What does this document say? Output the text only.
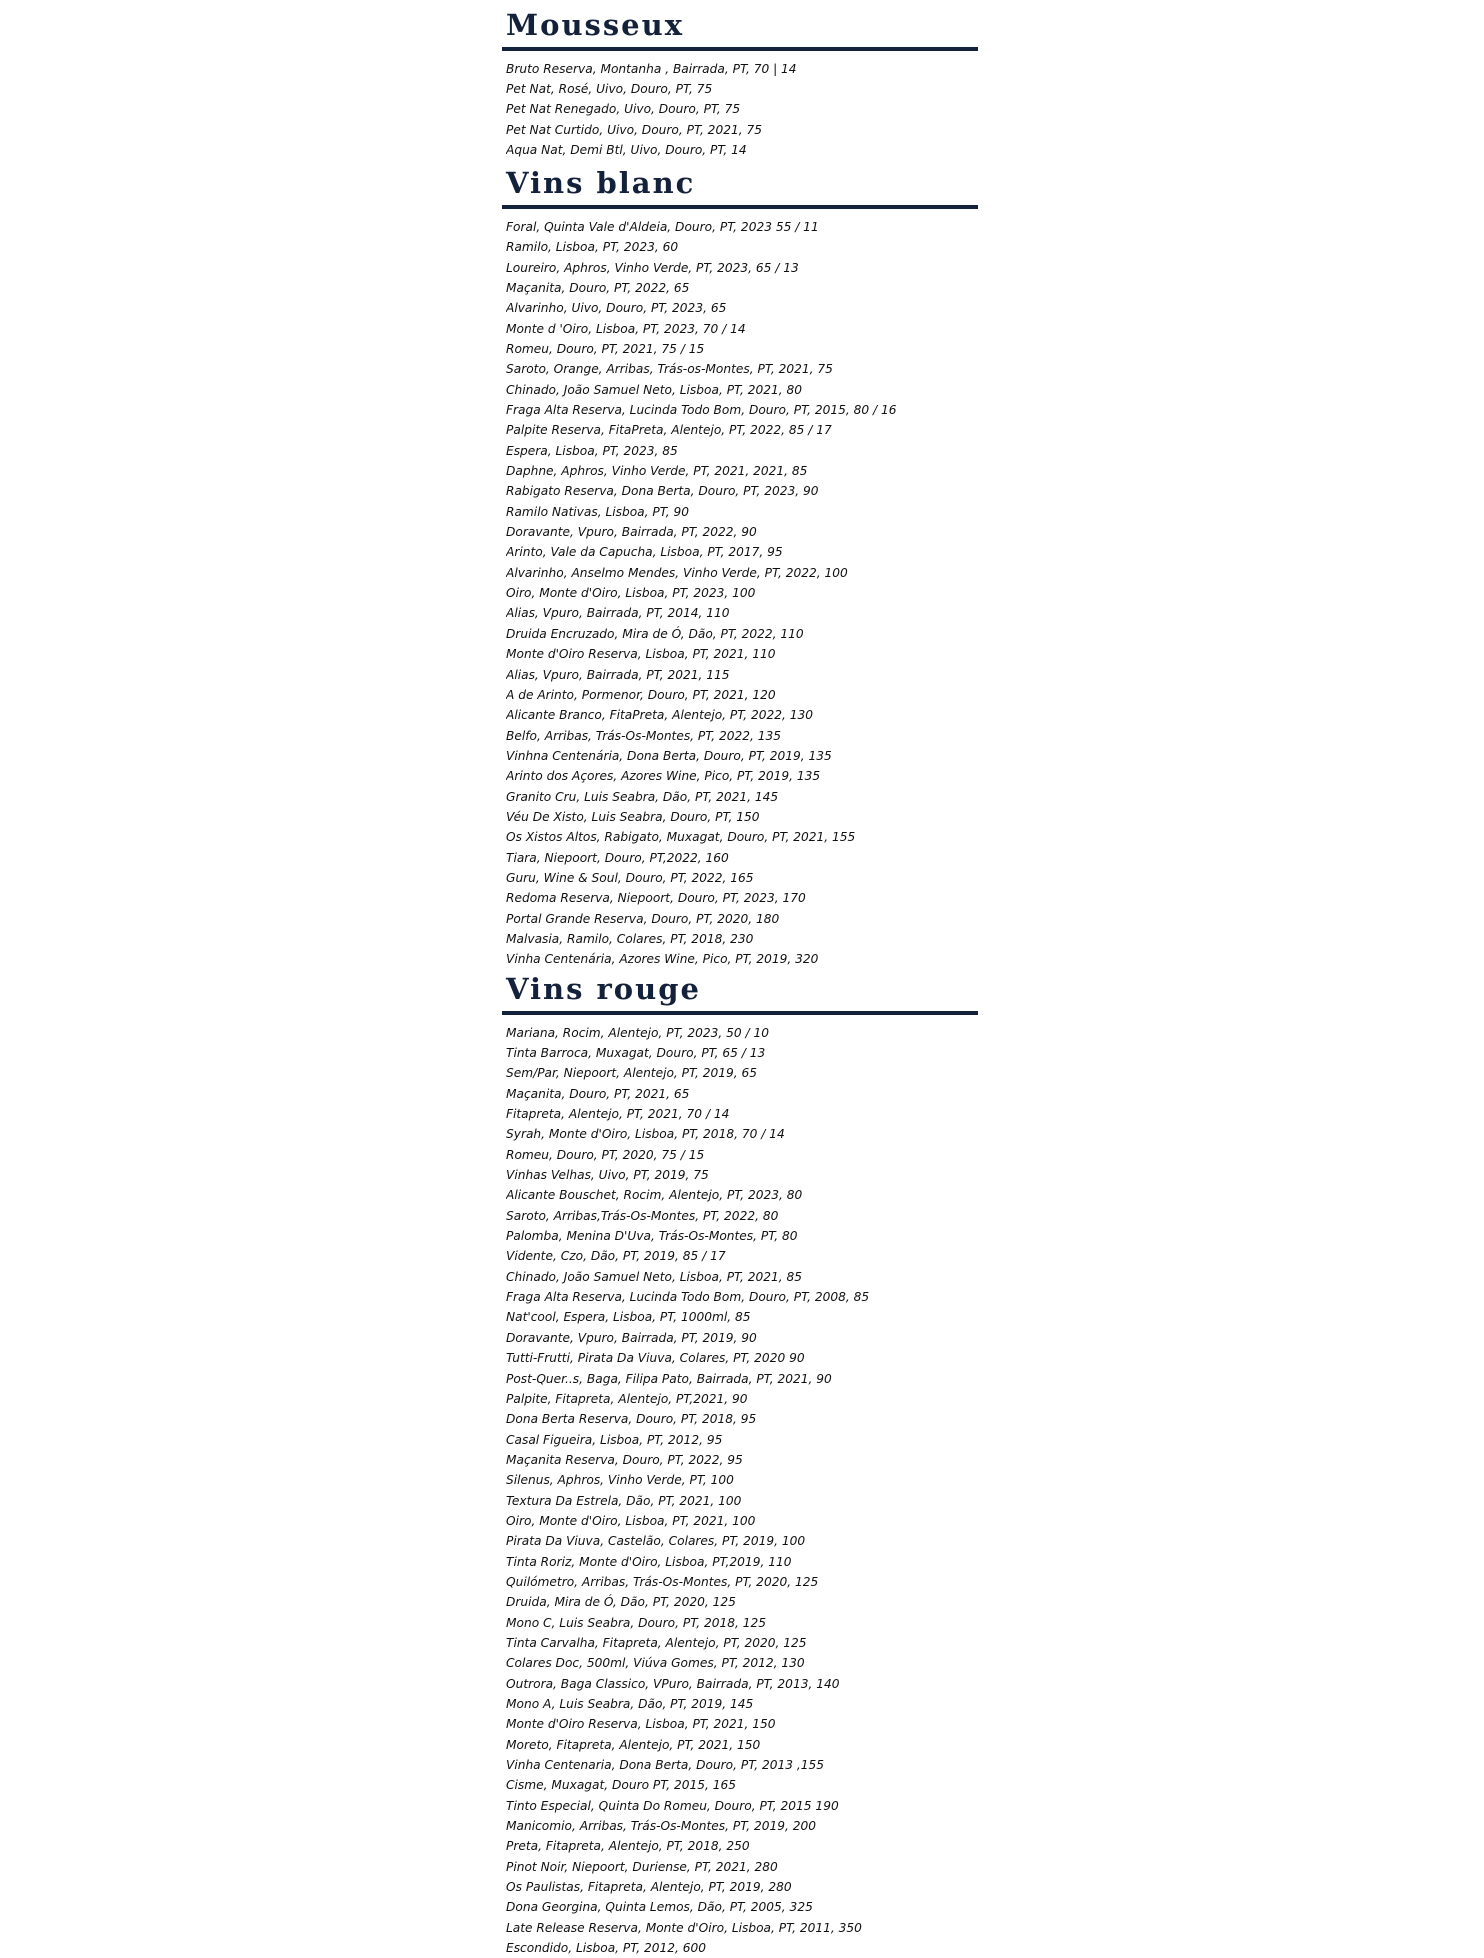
Mousseux
Bruto Reserva, Montanha , Bairrada, PT, 70 | 14
Pet Nat, Rosé, Uivo, Douro, PT, 75
Pet Nat Renegado, Uivo, Douro, PT, 75
Pet Nat Curtido, Uivo, Douro, PT, 2021, 75
Aqua Nat, Demi Btl, Uivo, Douro, PT, 14
Vins blanc
Foral, Quinta Vale d'Aldeia, Douro, PT, 2023 55 / 11
Ramilo, Lisboa, PT, 2023, 60
Loureiro, Aphros, Vinho Verde, PT, 2023, 65 / 13
Maçanita, Douro, PT, 2022, 65
Alvarinho, Uivo, Douro, PT, 2023, 65
Monte d 'Oiro, Lisboa, PT, 2023, 70 / 14
Romeu, Douro, PT, 2021, 75 / 15
Saroto, Orange, Arribas, Trás-os-Montes, PT, 2021, 75
Chinado, João Samuel Neto, Lisboa, PT, 2021, 80
Fraga Alta Reserva, Lucinda Todo Bom, Douro, PT, 2015, 80 / 16
Palpite Reserva, FitaPreta, Alentejo, PT, 2022, 85 / 17
Espera, Lisboa, PT, 2023, 85
Daphne, Aphros, Vinho Verde, PT, 2021, 2021, 85
Rabigato Reserva, Dona Berta, Douro, PT, 2023, 90
Ramilo Nativas, Lisboa, PT, 90
Doravante, Vpuro, Bairrada, PT, 2022, 90
Arinto, Vale da Capucha, Lisboa, PT, 2017, 95
Alvarinho, Anselmo Mendes, Vinho Verde, PT, 2022, 100
Oiro, Monte d'Oiro, Lisboa, PT, 2023, 100
Alias, Vpuro, Bairrada, PT, 2014, 110
Druida Encruzado, Mira de Ó, Dão, PT, 2022, 110
Monte d'Oiro Reserva, Lisboa, PT, 2021, 110
Alias, Vpuro, Bairrada, PT, 2021, 115
A de Arinto, Pormenor, Douro, PT, 2021, 120
Alicante Branco, FitaPreta, Alentejo, PT, 2022, 130
Belfo, Arribas, Trás-Os-Montes, PT, 2022, 135
Vinhna Centenária, Dona Berta, Douro, PT, 2019, 135
Arinto dos Açores, Azores Wine, Pico, PT, 2019, 135
Granito Cru, Luis Seabra, Dão, PT, 2021, 145
Véu De Xisto, Luis Seabra, Douro, PT, 150
Os Xistos Altos, Rabigato, Muxagat, Douro, PT, 2021, 155
Tiara, Niepoort, Douro, PT,2022, 160
Guru, Wine & Soul, Douro, PT, 2022, 165
Redoma Reserva, Niepoort, Douro, PT, 2023, 170
Portal Grande Reserva, Douro, PT, 2020, 180
Malvasia, Ramilo, Colares, PT, 2018, 230
Vinha Centenária, Azores Wine, Pico, PT, 2019, 320
Vins rouge
Mariana, Rocim, Alentejo, PT, 2023, 50 / 10
Tinta Barroca, Muxagat, Douro, PT, 65 / 13
Sem/Par, Niepoort, Alentejo, PT, 2019, 65
Maçanita, Douro, PT, 2021, 65
Fitapreta, Alentejo, PT, 2021, 70 / 14
Syrah, Monte d'Oiro, Lisboa, PT, 2018, 70 / 14
Romeu, Douro, PT, 2020, 75 / 15
Vinhas Velhas, Uivo, PT, 2019, 75
Alicante Bouschet, Rocim, Alentejo, PT, 2023, 80
Saroto, Arribas,Trás-Os-Montes, PT, 2022, 80
Palomba, Menina D'Uva, Trás-Os-Montes, PT, 80
Vidente, Czo, Dão, PT, 2019, 85 / 17
Chinado, João Samuel Neto, Lisboa, PT, 2021, 85
Fraga Alta Reserva, Lucinda Todo Bom, Douro, PT, 2008, 85
Nat'cool, Espera, Lisboa, PT, 1000ml, 85
Doravante, Vpuro, Bairrada, PT, 2019, 90
Tutti-Frutti, Pirata Da Viuva, Colares, PT, 2020 90
Post-Quer..s, Baga, Filipa Pato, Bairrada, PT, 2021, 90
Palpite, Fitapreta, Alentejo, PT,2021, 90
Dona Berta Reserva, Douro, PT, 2018, 95
Casal Figueira, Lisboa, PT, 2012, 95
Maçanita Reserva, Douro, PT, 2022, 95
Silenus, Aphros, Vinho Verde, PT, 100
Textura Da Estrela, Dão, PT, 2021, 100
Oiro, Monte d'Oiro, Lisboa, PT, 2021, 100
Pirata Da Viuva, Castelão, Colares, PT, 2019, 100
Tinta Roriz, Monte d'Oiro, Lisboa, PT,2019, 110
Quilómetro, Arribas, Trás-Os-Montes, PT, 2020, 125
Druida, Mira de Ó, Dão, PT, 2020, 125
Mono C, Luis Seabra, Douro, PT, 2018, 125
Tinta Carvalha, Fitapreta, Alentejo, PT, 2020, 125
Colares Doc, 500ml, Viúva Gomes, PT, 2012, 130
Outrora, Baga Classico, VPuro, Bairrada, PT, 2013, 140
Mono A, Luis Seabra, Dão, PT, 2019, 145
Monte d'Oiro Reserva, Lisboa, PT, 2021, 150
Moreto, Fitapreta, Alentejo, PT, 2021, 150
Vinha Centenaria, Dona Berta, Douro, PT, 2013 ,155
Cisme, Muxagat, Douro PT, 2015, 165
Tinto Especial, Quinta Do Romeu, Douro, PT, 2015 190
Manicomio, Arribas, Trás-Os-Montes, PT, 2019, 200
Preta, Fitapreta, Alentejo, PT, 2018, 250
Pinot Noir, Niepoort, Duriense, PT, 2021, 280
Os Paulistas, Fitapreta, Alentejo, PT, 2019, 280
Dona Georgina, Quinta Lemos, Dão, PT, 2005, 325
Late Release Reserva, Monte d'Oiro, Lisboa, PT, 2011, 350
Escondido, Lisboa, PT, 2012, 600
